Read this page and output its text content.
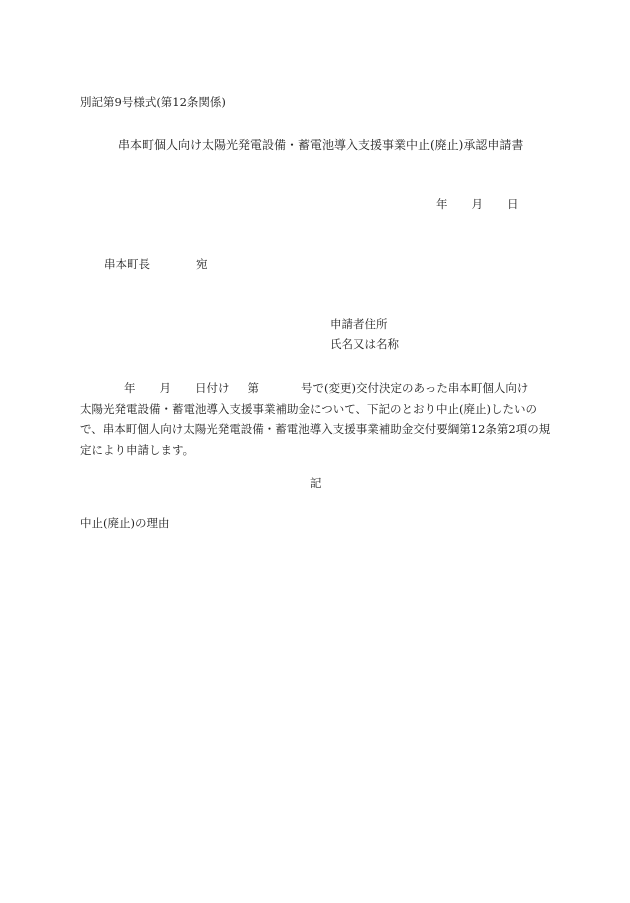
別記第9号様式(第12条関係)
串本町個人向け太陽光発電設備・蓄電池導入支援事業中止(廃止)承認申請書
年 月 日
串本町長	宛
申請者住所
氏名又は名称
年 月 日付け 第	号で(変更)交付決定のあった串本町個人向け
太陽光発電設備・蓄電池導入支援事業補助金について、下記のとおり中止(廃止)したいの
で、串本町個人向け太陽光発電設備・蓄電池導入支援事業補助金交付要綱第12条第2項の規
定により申請します。
記
中止(廃止)の理由
